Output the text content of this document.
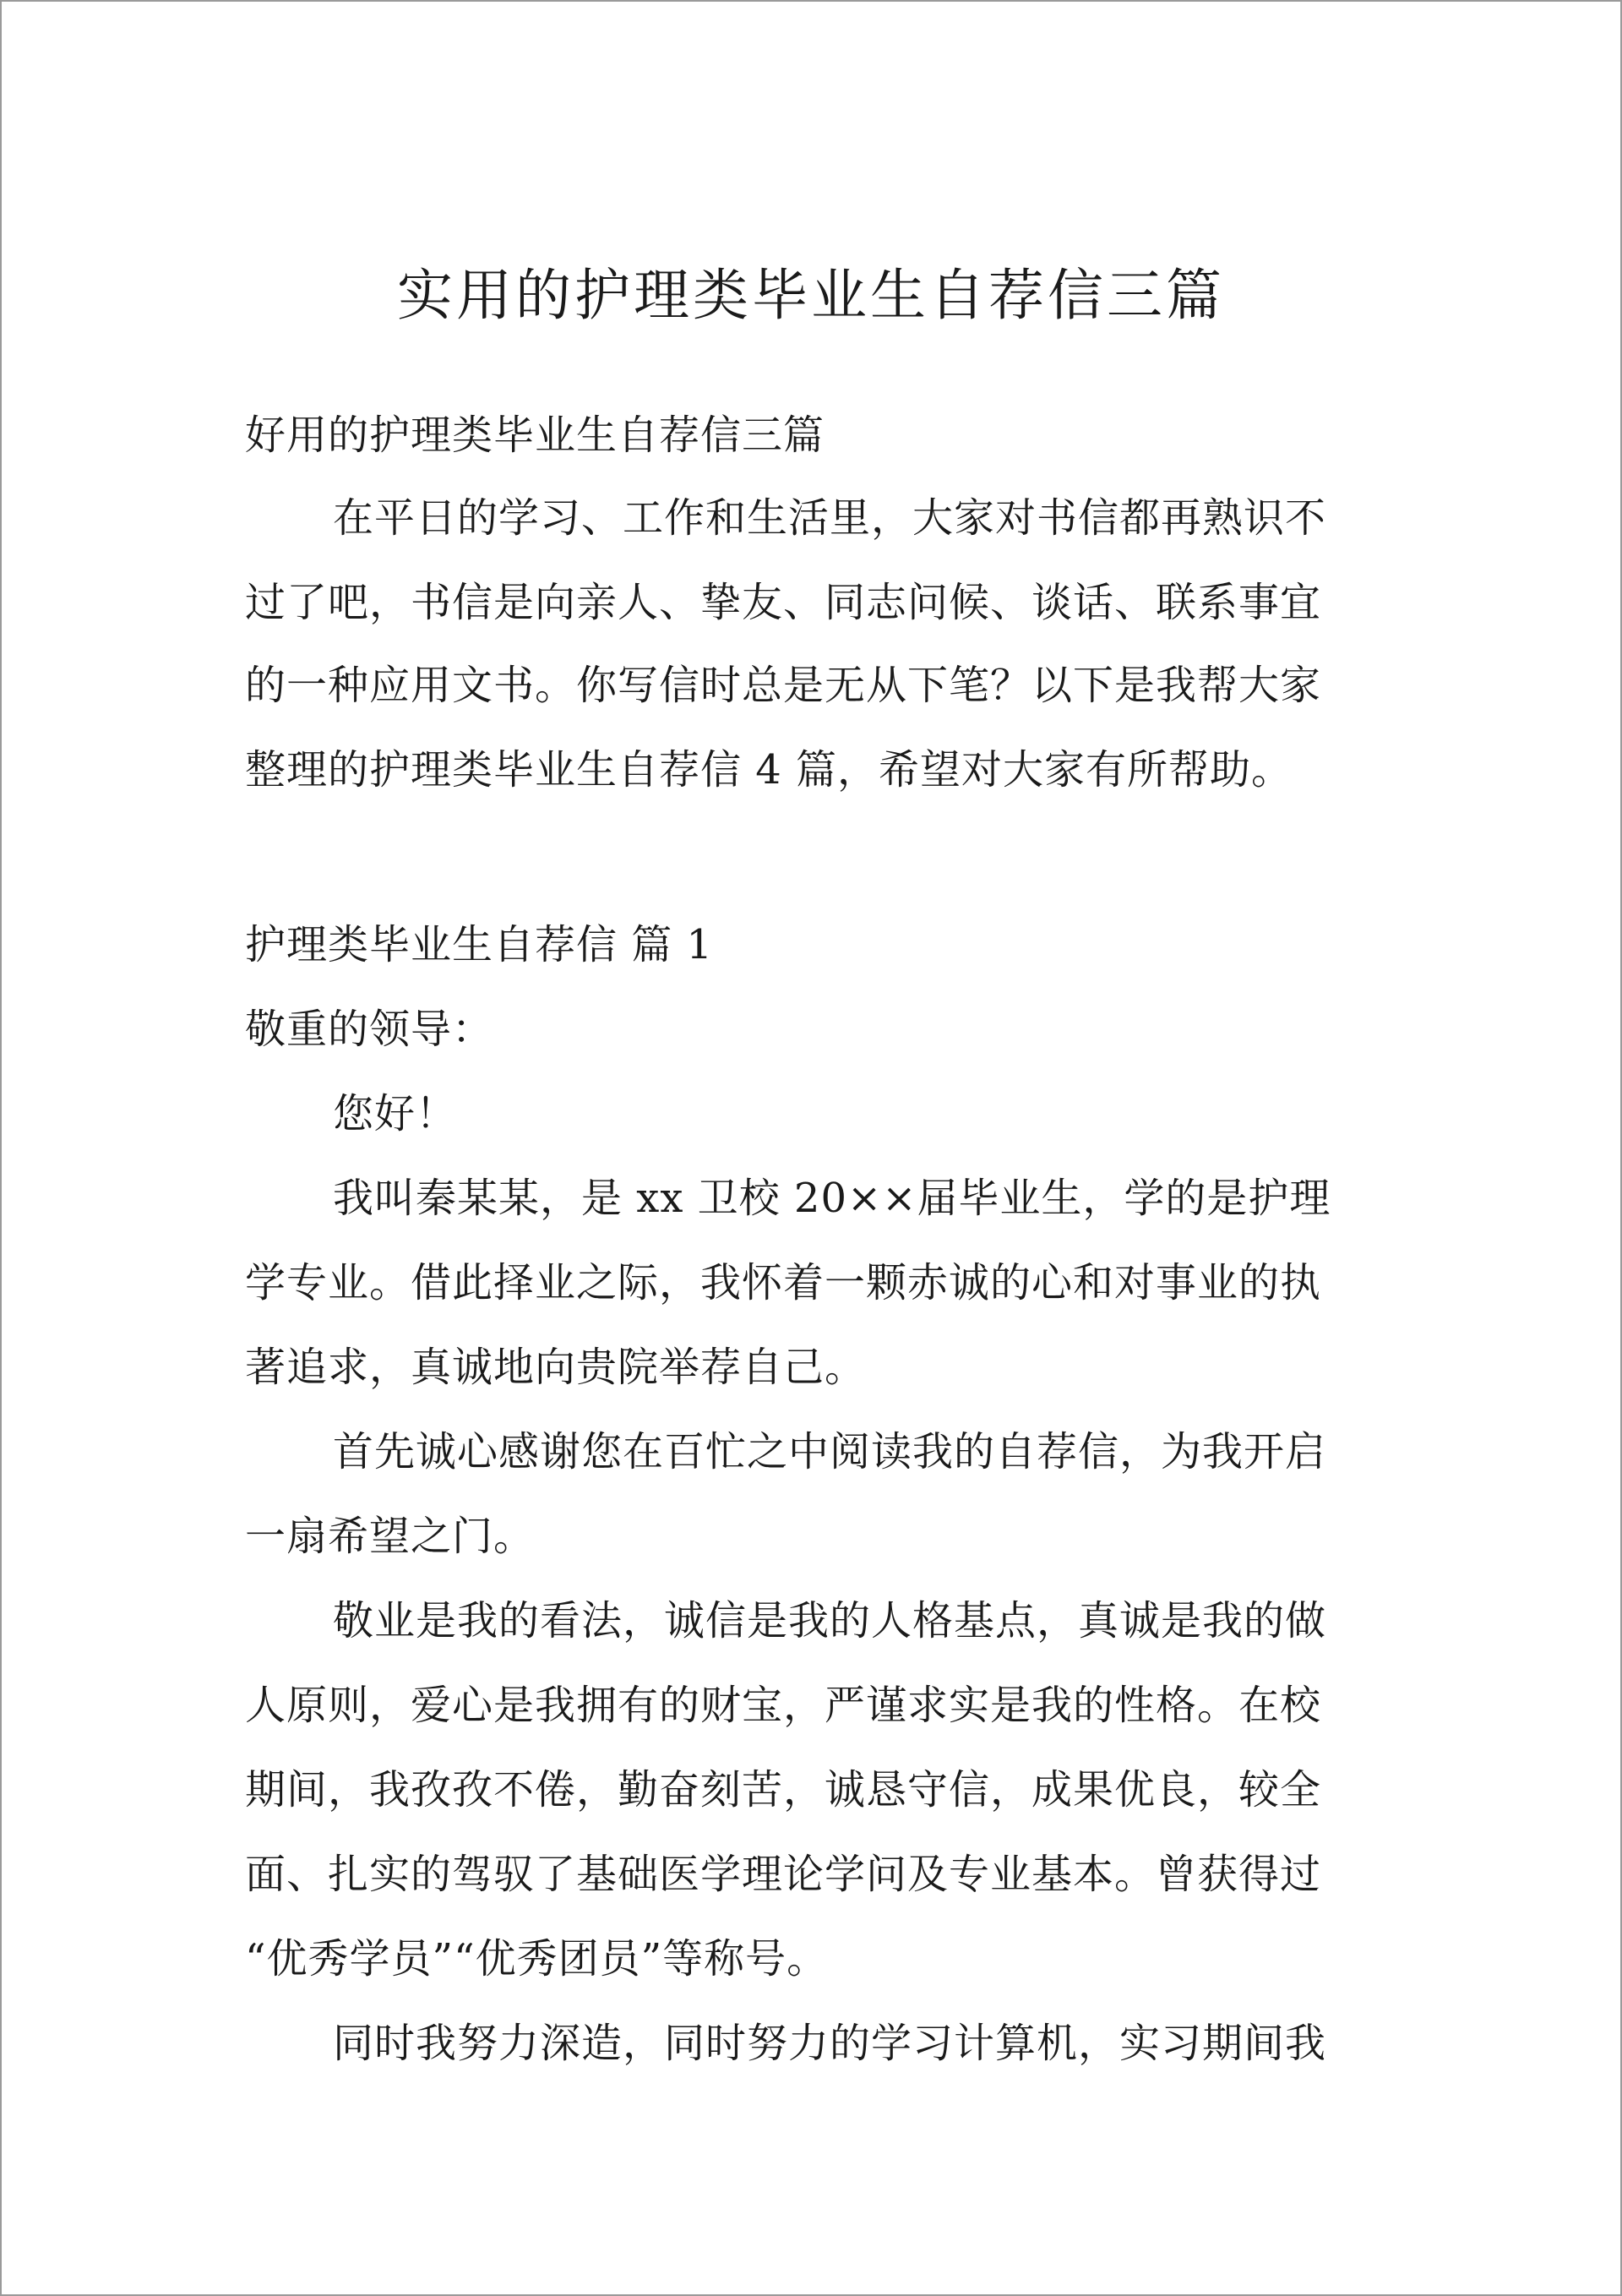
实用的护理类毕业生自荐信三篇
好用的护理类毕业生自荐信三篇
在平日的学习、工作和生活里，大家对书信都再熟识不
过了吧，书信是向亲人、挚友、同志问候、谈话、联系事宜
的一种应用文书。你写信时总是无从下笔？以下是我帮大家
整理的护理类毕业生自荐信 4 篇，希望对大家有所帮助。
护理类毕业生自荐信 篇 1
敬重的领导：
您好！
我叫秦某某，是 xx 卫校 20××届毕业生，学的是护理
学专业。借此择业之际，我怀着一颗赤诚的心和对事业的执
著追求，真诚地向贵院举荐自己。
首先诚心感谢您在百忙之中阅读我的自荐信，为我开启
一扇希望之门。
敬业是我的看法，诚信是我的人格基点，真诚是我的做
人原则，爱心是我拥有的财宝，严谨求实是我的性格。在校
期间，我孜孜不倦，勤奋刻苦，诚恳守信，成果优良，较全
面、扎实的驾驭了基础医学理论学问及专业基本。曾获得过
“优秀学员”“优秀团员”等称号。
同时我努力深造，同时努力的学习计算机，实习期间我
